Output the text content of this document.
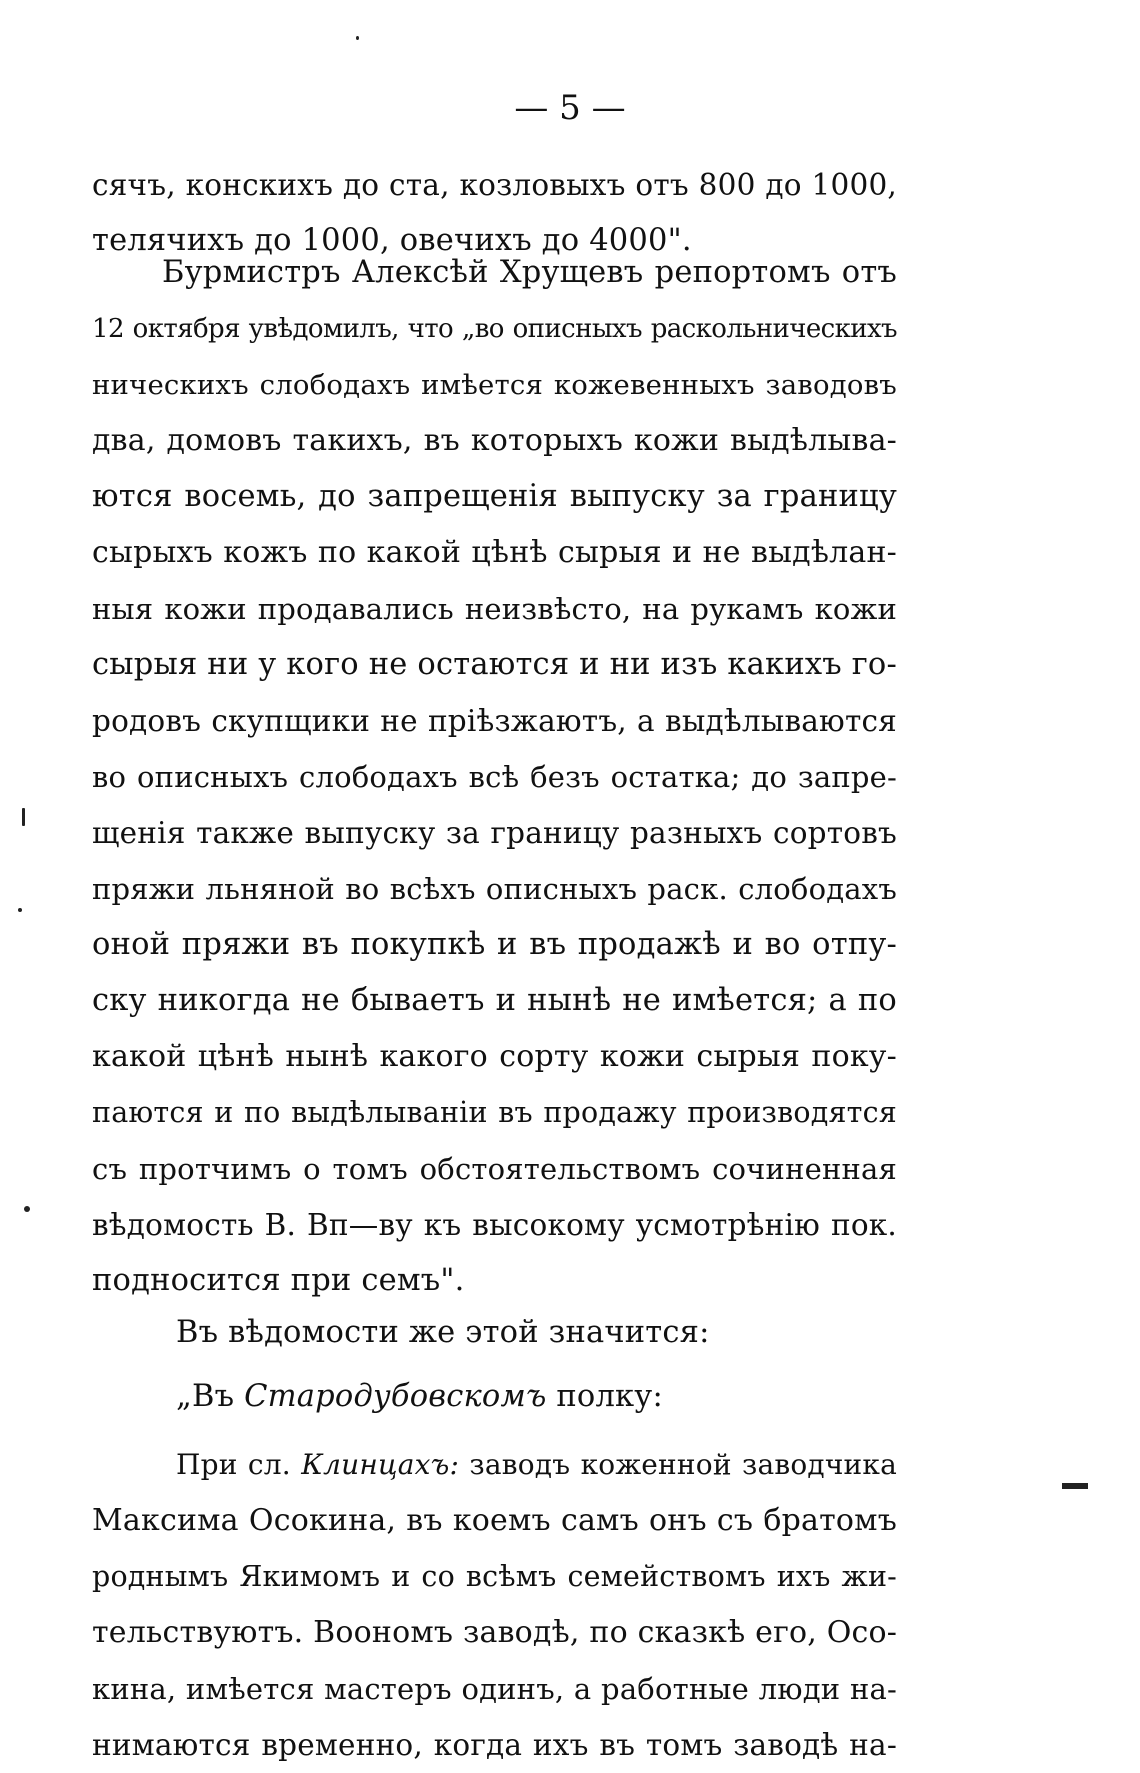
— 5 —
сячъ, конскихъ до ста, козловыхъ отъ 800 до 1000,
телячихъ до 1000, овечихъ до 4000".
Бурмистръ Алексѣй Хрущевъ репортомъ отъ
12 октября увѣдомилъ, что „во описныхъ раскольническихъ
ническихъ слободахъ имѣется кожевенныхъ заводовъ
два, домовъ такихъ, въ которыхъ кожи выдѣлыва-
ются восемь, до запрещенія выпуску за границу
сырыхъ кожъ по какой цѣнѣ сырыя и не выдѣлан-
ныя кожи продавались неизвѣсто, на рукамъ кожи
сырыя ни у кого не остаются и ни изъ какихъ го-
родовъ скупщики не пріѣзжаютъ, а выдѣлываются
во описныхъ слободахъ всѣ безъ остатка; до запре-
щенія также выпуску за границу разныхъ сортовъ
пряжи льняной во всѣхъ описныхъ раск. слободахъ
оной пряжи въ покупкѣ и въ продажѣ и во отпу-
ску никогда не бываетъ и нынѣ не имѣется; а по
какой цѣнѣ нынѣ какого сорту кожи сырыя поку-
паются и по выдѣлываніи въ продажу производятся
съ протчимъ о томъ обстоятельствомъ сочиненная
вѣдомость В. Вп—ву къ высокому усмотрѣнію пок.
подносится при семъ".
Въ вѣдомости же этой значится:
„Въ Стародубовскомъ полку:
При сл. Клинцахъ: заводъ коженной заводчика
Максима Осокина, въ коемъ самъ онъ съ братомъ
роднымъ Якимомъ и со всѣмъ семействомъ ихъ жи-
тельствуютъ. Воономъ заводѣ, по сказкѣ его, Осо-
кина, имѣется мастеръ одинъ, а работные люди на-
нимаются временно, когда ихъ въ томъ заводѣ на-
